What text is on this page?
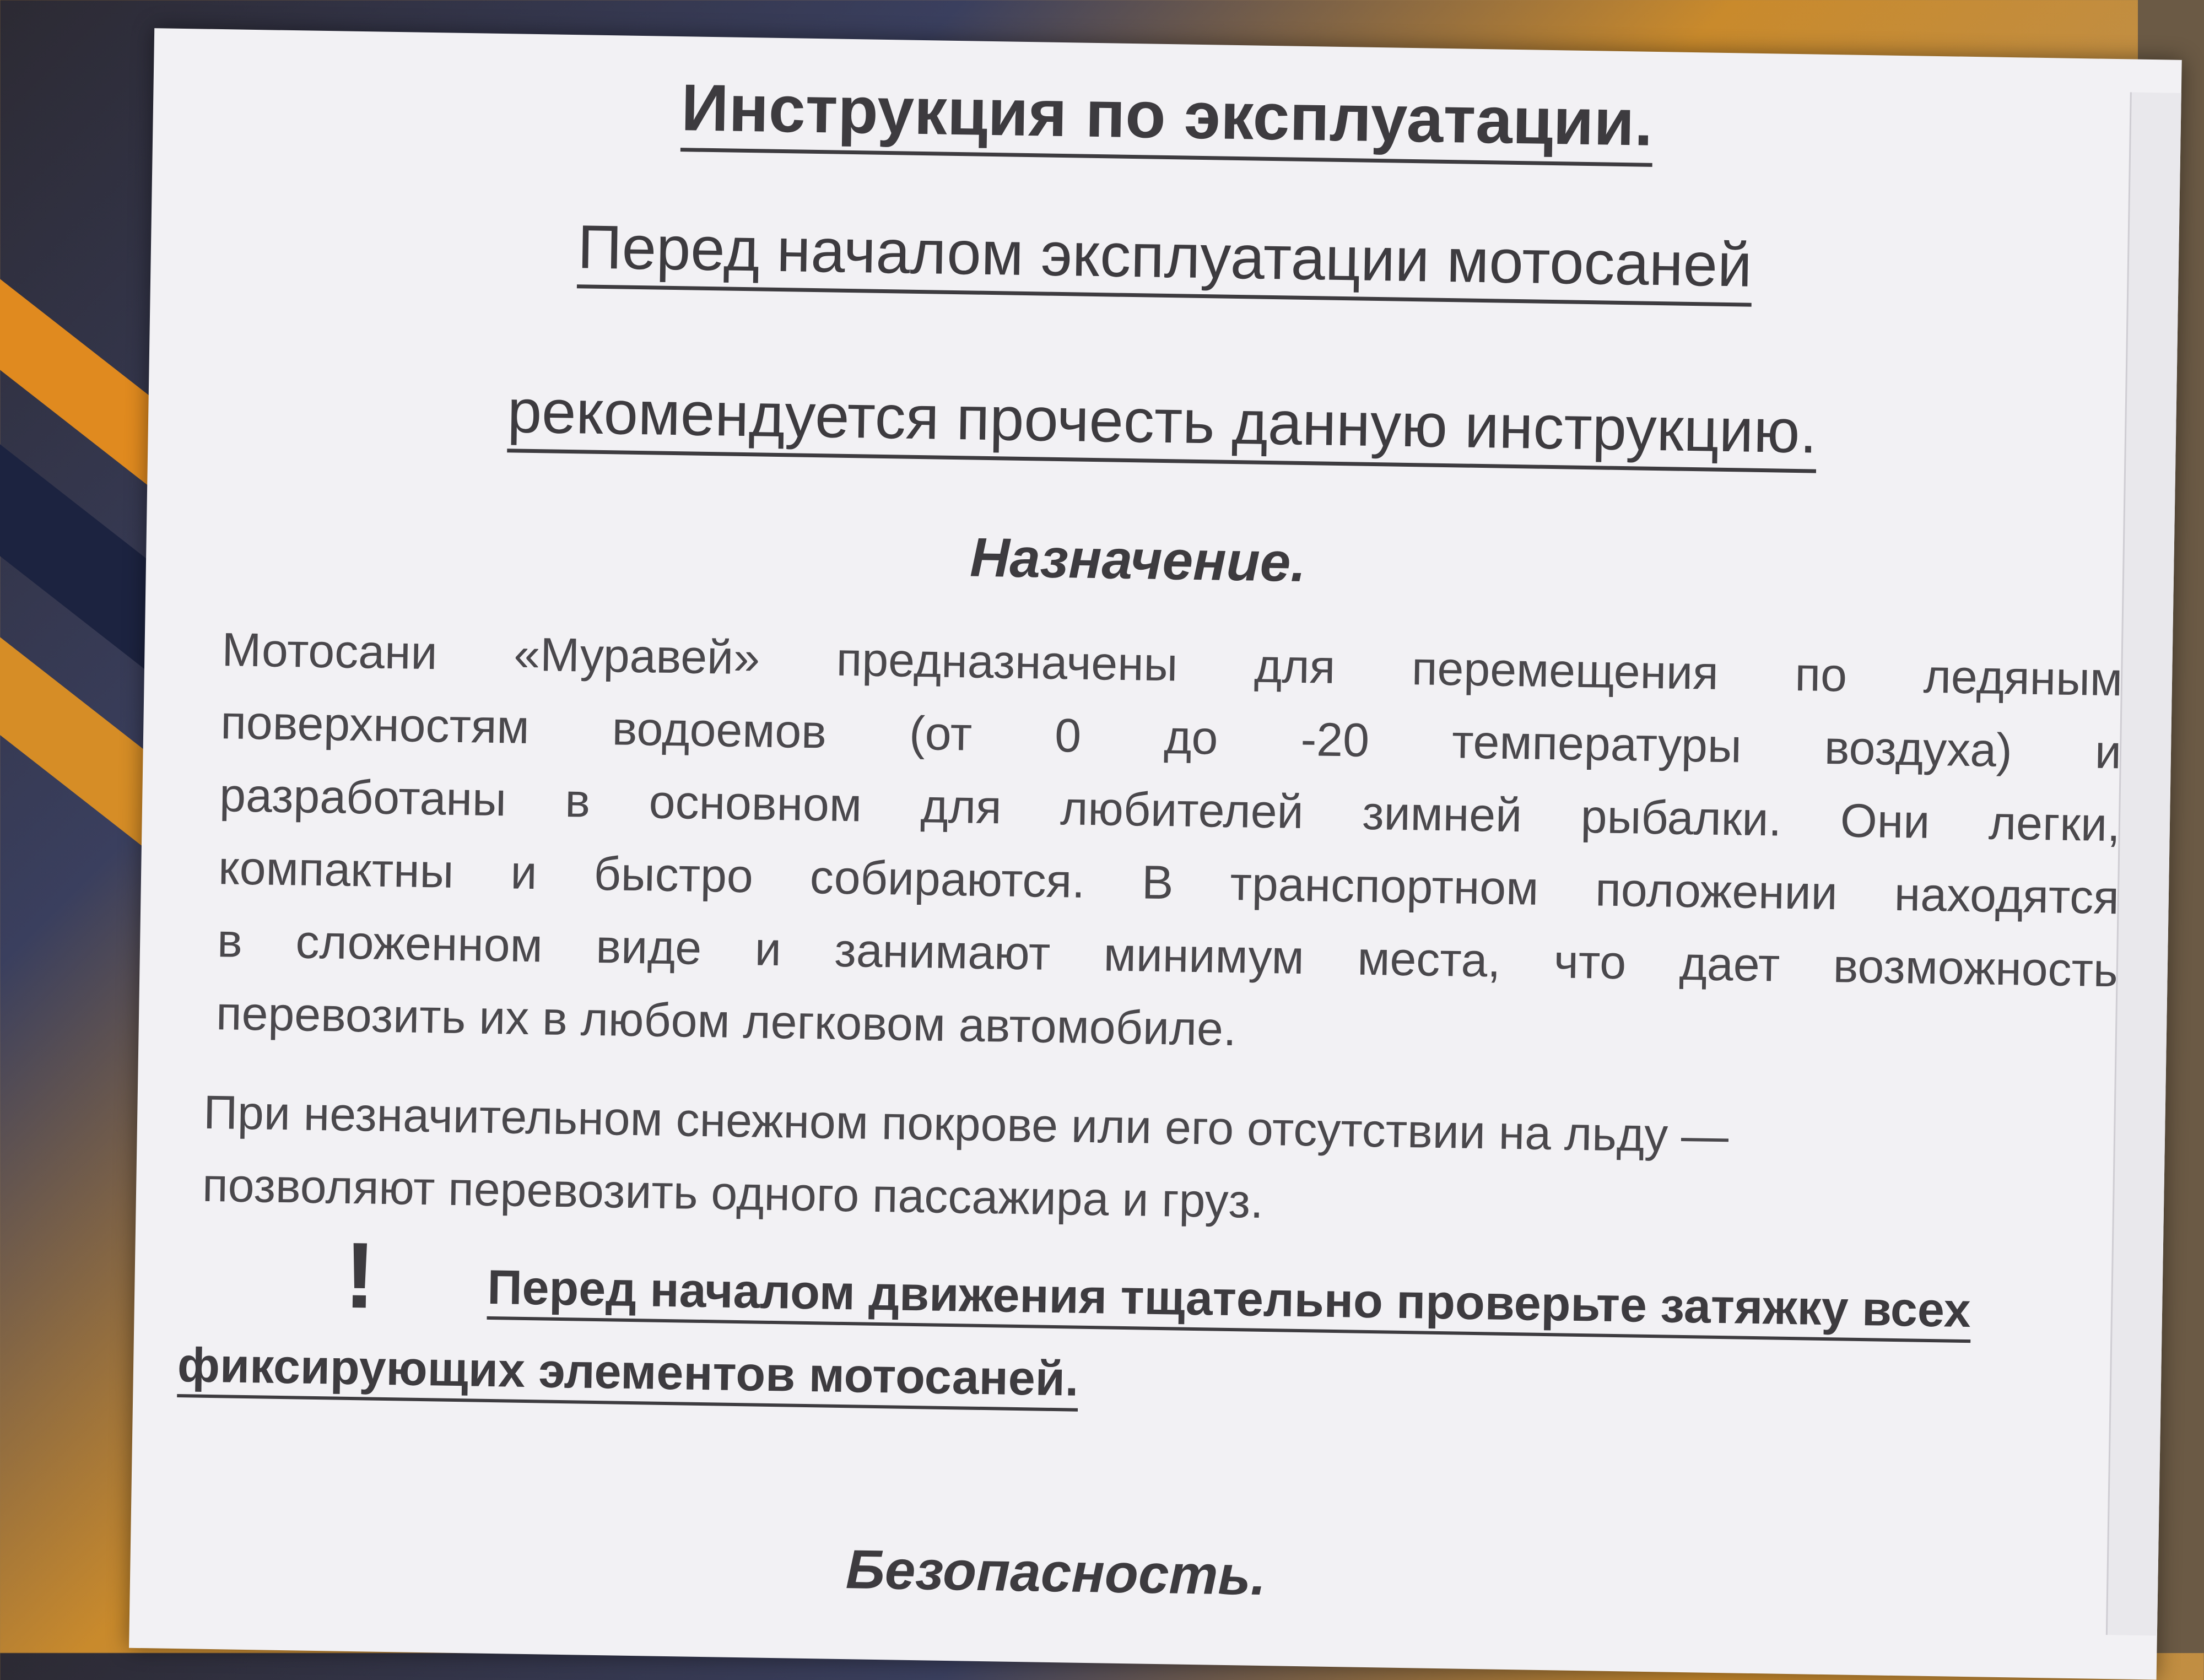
Инструкция по эксплуатации.
Перед началом эксплуатации мотосаней
рекомендуется прочесть данную инструкцию.
Назначение.
Мотосани «Муравей» предназначены для перемещения по ледяным
поверхностям водоемов (от 0 до -20 температуры воздуха) и
разработаны в основном для любителей зимней рыбалки. Они легки,
компактны и быстро собираются. В транспортном положении находятся
в сложенном виде и занимают минимум места, что дает возможность
перевозить их в любом легковом автомобиле.
При незначительном снежном покрове или его отсутствии на льду —
позволяют перевозить одного пассажира и груз.
!	Перед началом движения тщательно проверьте затяжку всех
фиксирующих элементов мотосаней.
Безопасность.
